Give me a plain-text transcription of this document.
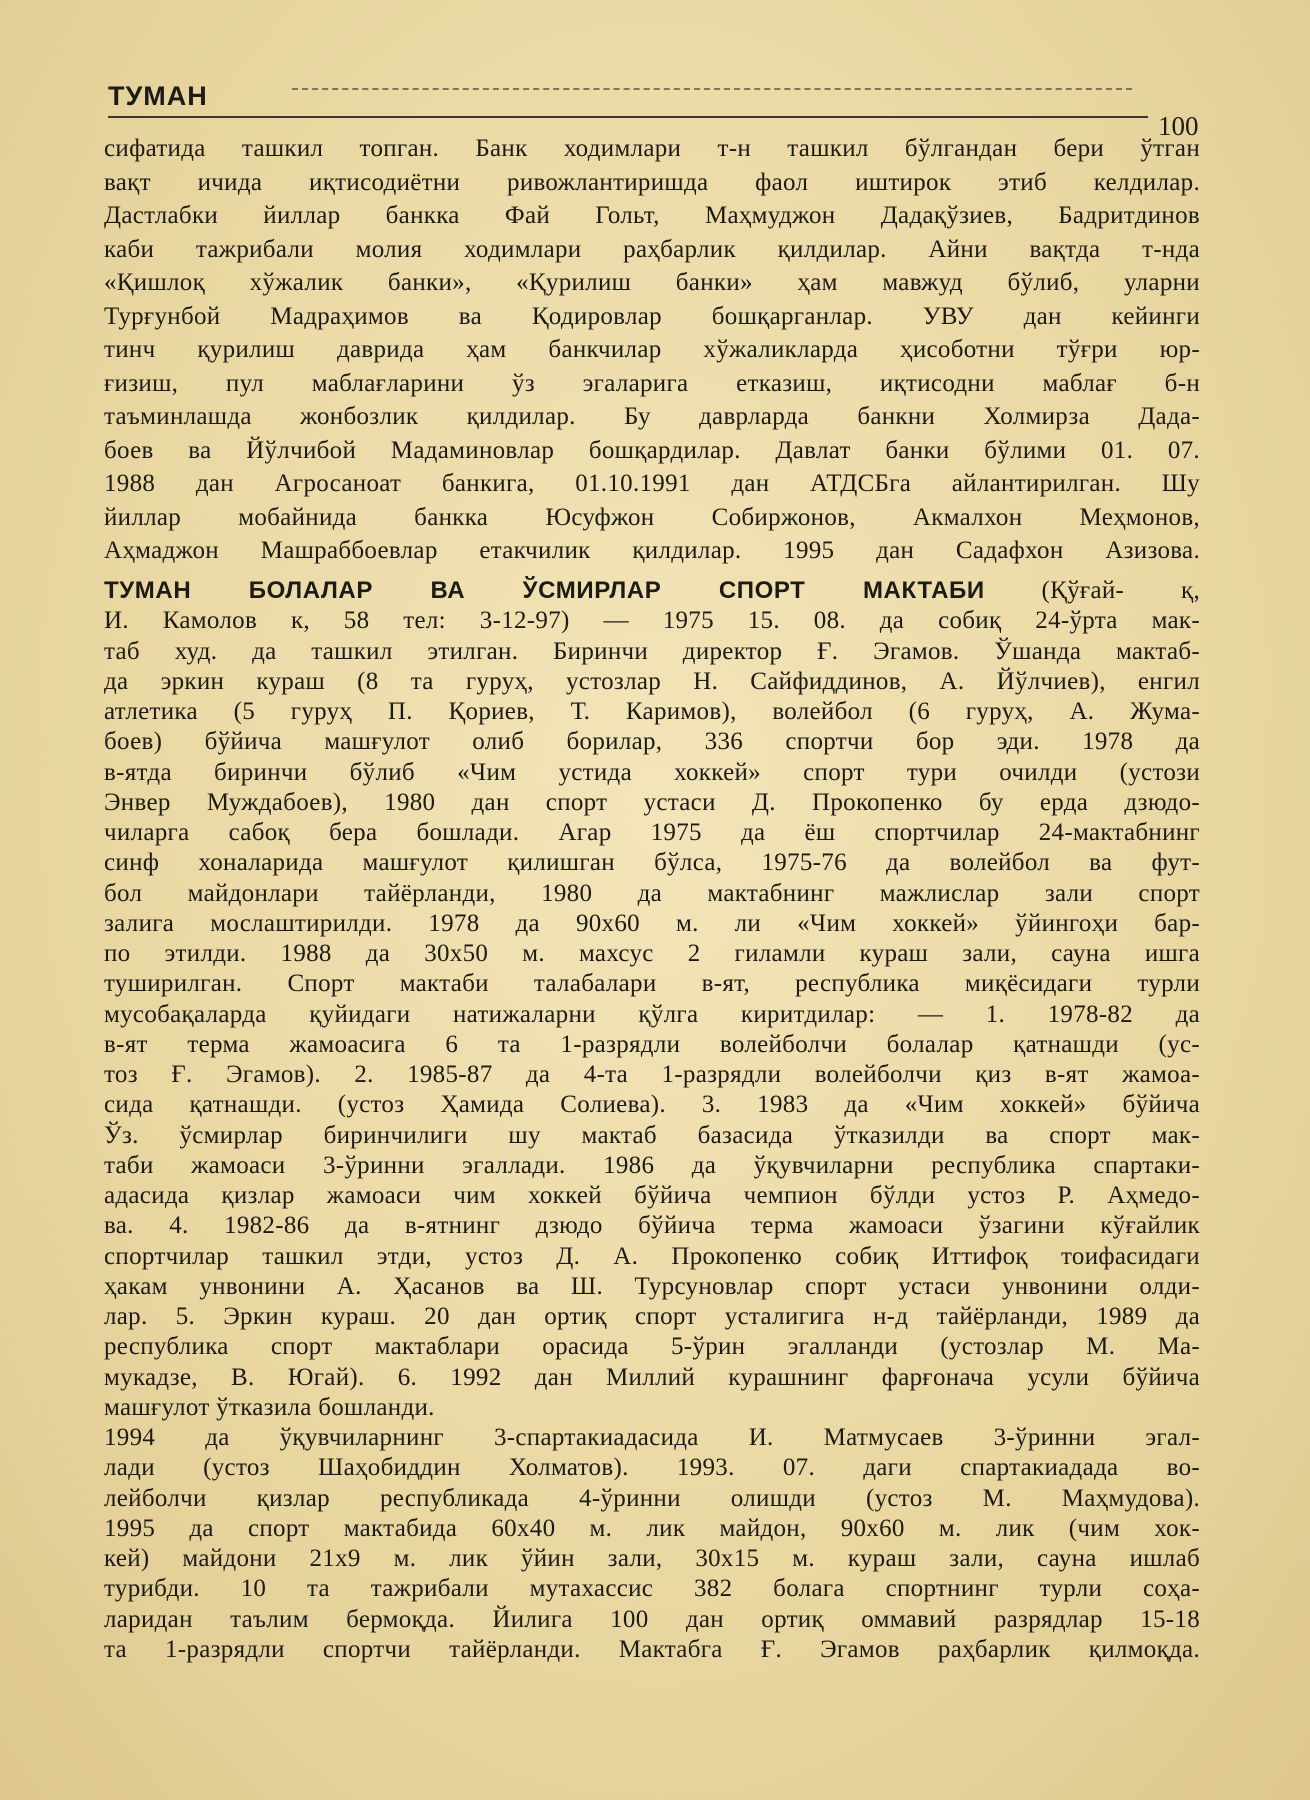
ТУМАН
100
сифатида ташкил топган. Банк ходимлари т-н ташкил бўлгандан бери ўтган
вақт ичида иқтисодиётни ривожлантиришда фаол иштирок этиб келдилар.
Дастлабки йиллар банкка Фай Гольт, Маҳмуджон Дадақўзиев, Бадритдинов
каби тажрибали молия ходимлари раҳбарлик қилдилар. Айни вақтда т-нда
«Қишлоқ хўжалик банки», «Қурилиш банки» ҳам мавжуд бўлиб, уларни
Турғунбой Мадраҳимов ва Қодировлар бошқарганлар. УВУ дан кейинги
тинч қурилиш даврида ҳам банкчилар хўжаликларда ҳисоботни тўғри юр-
ғизиш, пул маблағларини ўз эгаларига етказиш, иқтисодни маблағ б-н
таъминлашда жонбозлик қилдилар. Бу даврларда банкни Холмирза Дада-
боев ва Йўлчибой Мадаминовлар бошқардилар. Давлат банки бўлими 01. 07.
1988 дан Агросаноат банкига, 01.10.1991 дан АТДСБга айлантирилган. Шу
йиллар мобайнида банкка Юсуфжон Собиржонов, Акмалхон Меҳмонов,
Аҳмаджон Машраббоевлар етакчилик қилдилар. 1995 дан Садафхон Азизова.
ТУМАН БОЛАЛАР ВА ЎСМИРЛАР СПОРТ МАКТАБИ (Қўғай- қ,
И. Камолов к, 58 тел: 3-12-97) — 1975 15. 08. да собиқ 24-ўрта мак-
таб худ. да ташкил этилган. Биринчи директор Ғ. Эгамов. Ўшанда мактаб-
да эркин кураш (8 та гуруҳ, устозлар Н. Сайфиддинов, А. Йўлчиев), енгил
атлетика (5 гуруҳ П. Қориев, Т. Каримов), волейбол (6 гуруҳ, А. Жума-
боев) бўйича машғулот олиб борилар, 336 спортчи бор эди. 1978 да
в-ятда биринчи бўлиб «Чим устида хоккей» спорт тури очилди (устози
Энвер Муждабоев), 1980 дан спорт устаси Д. Прокопенко бу ерда дзюдо-
чиларга сабоқ бера бошлади. Агар 1975 да ёш спортчилар 24-мактабнинг
синф хоналарида машғулот қилишган бўлса, 1975-76 да волейбол ва фут-
бол майдонлари тайёрланди, 1980 да мактабнинг мажлислар зали спорт
залига мослаштирилди. 1978 да 90х60 м. ли «Чим хоккей» ўйингоҳи бар-
по этилди. 1988 да 30х50 м. махсус 2 гиламли кураш зали, сауна ишга
туширилган. Спорт мактаби талабалари в-ят, республика миқёсидаги турли
мусобақаларда қуйидаги натижаларни қўлга киритдилар: — 1. 1978-82 да
в-ят терма жамоасига 6 та 1-разрядли волейболчи болалар қатнашди (ус-
тоз Ғ. Эгамов). 2. 1985-87 да 4-та 1-разрядли волейболчи қиз в-ят жамоа-
сида қатнашди. (устоз Ҳамида Солиева). 3. 1983 да «Чим хоккей» бўйича
Ўз. ўсмирлар биринчилиги шу мактаб базасида ўтказилди ва спорт мак-
таби жамоаси 3-ўринни эгаллади. 1986 да ўқувчиларни республика спартаки-
адасида қизлар жамоаси чим хоккей бўйича чемпион бўлди устоз Р. Аҳмедо-
ва. 4. 1982-86 да в-ятнинг дзюдо бўйича терма жамоаси ўзагини кўғайлик
спортчилар ташкил этди, устоз Д. А. Прокопенко собиқ Иттифоқ тоифасидаги
ҳакам унвонини А. Ҳасанов ва Ш. Турсуновлар спорт устаси унвонини олди-
лар. 5. Эркин кураш. 20 дан ортиқ спорт усталигига н-д тайёрланди, 1989 да
республика спорт мактаблари орасида 5-ўрин эгалланди (устозлар М. Ма-
мукадзе, В. Югай). 6. 1992 дан Миллий курашнинг фарғонача усули бўйича
машғулот ўтказила бошланди.
1994 да ўқувчиларнинг 3-спартакиадасида И. Матмусаев 3-ўринни эгал-
лади (устоз Шаҳобиддин Холматов). 1993. 07. даги спартакиадада во-
лейболчи қизлар республикада 4-ўринни олишди (устоз М. Маҳмудова).
1995 да спорт мактабида 60х40 м. лик майдон, 90х60 м. лик (чим хок-
кей) майдони 21х9 м. лик ўйин зали, 30х15 м. кураш зали, сауна ишлаб
турибди. 10 та тажрибали мутахассис 382 болага спортнинг турли соҳа-
ларидан таълим бермоқда. Йилига 100 дан ортиқ оммавий разрядлар 15-18
та 1-разрядли спортчи тайёрланди. Мактабга Ғ. Эгамов раҳбарлик қилмоқда.
